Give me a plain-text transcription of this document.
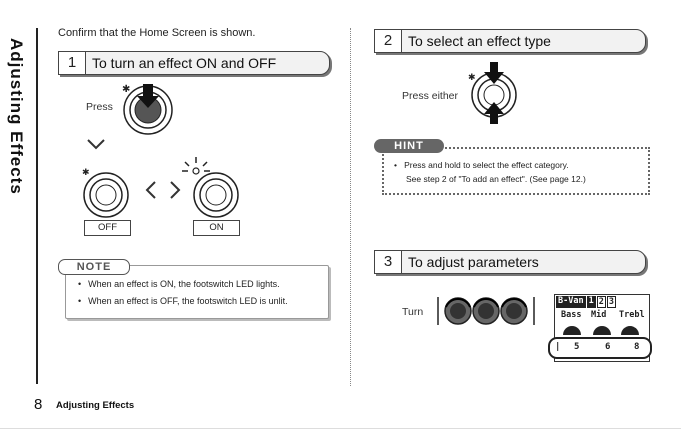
Adjusting Effects
Confirm that the Home Screen is shown.
1	To turn an effect ON and OFF
Press
✱
✱
OFF	ON
• When an effect is ON, the footswitch LED lights.
• When an effect is OFF, the footswitch LED is unlit.
NOTE
2	To select an effect type
Press either
✱
•   Press and hold to select the effect category.
See step 2 of "To add an effect". (See page 12.)
HINT
3	To adjust parameters
Turn
B-Van 1 2 3
Bass Mid Trebl
| 5	6	8
8 Adjusting Effects
